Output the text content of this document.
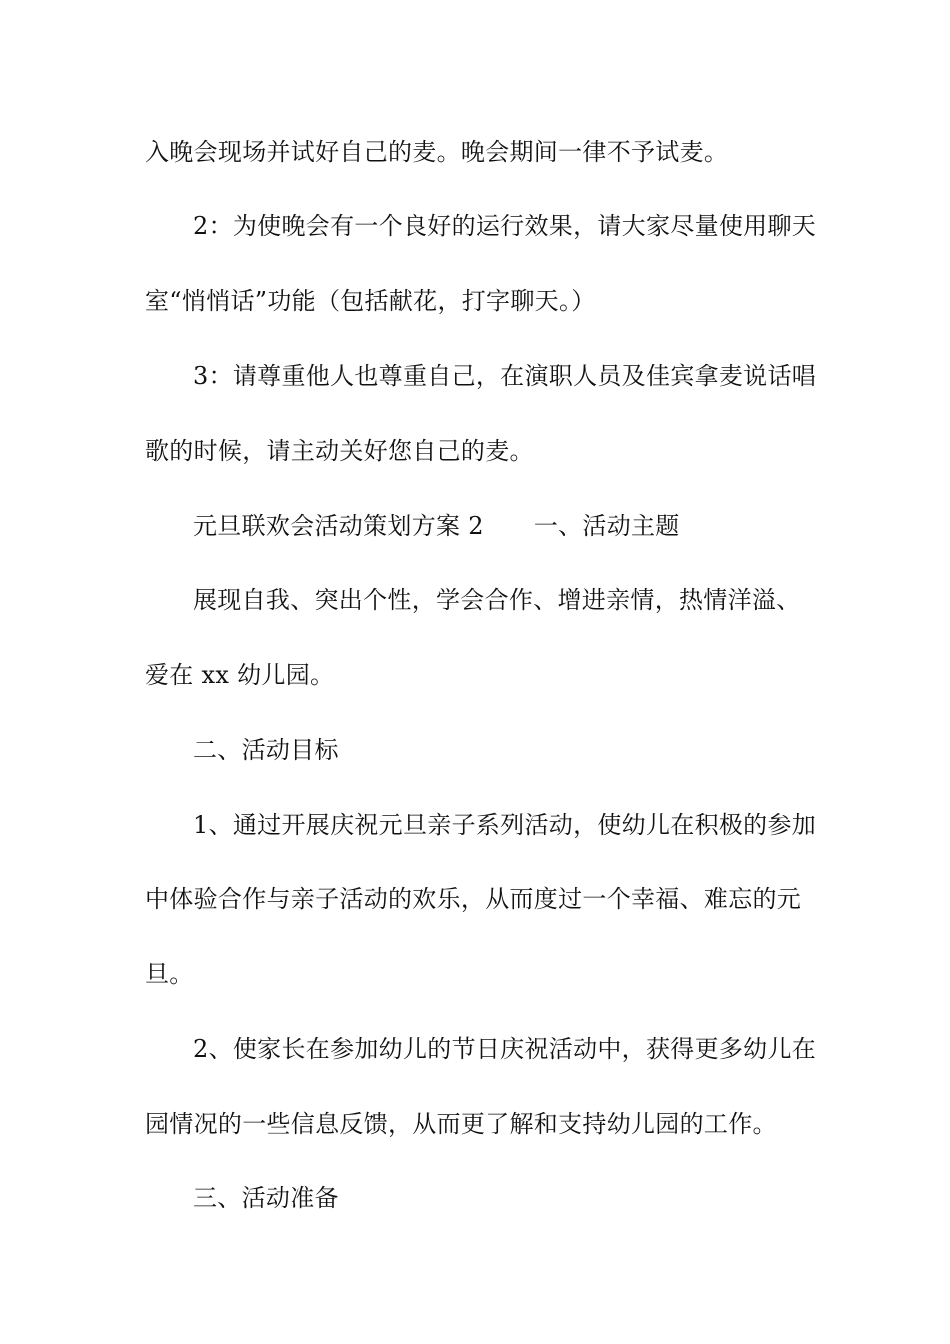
入晚会现场并试好自己的麦。晚会期间一律不予试麦。
2：为使晚会有一个良好的运行效果，请大家尽量使用聊天
室“悄悄话”功能（包括献花，打字聊天。）
3：请尊重他人也尊重自己，在演职人员及佳宾拿麦说话唱
歌的时候，请主动关好您自己的麦。
元旦联欢会活动策划方案 2 一、活动主题
展现自我、突出个性，学会合作、增进亲情，热情洋溢、
爱在 xx 幼儿园。
二、活动目标
1、通过开展庆祝元旦亲子系列活动，使幼儿在积极的参加
中体验合作与亲子活动的欢乐，从而度过一个幸福、难忘的元
旦。
2、使家长在参加幼儿的节日庆祝活动中，获得更多幼儿在
园情况的一些信息反馈，从而更了解和支持幼儿园的工作。
三、活动准备
